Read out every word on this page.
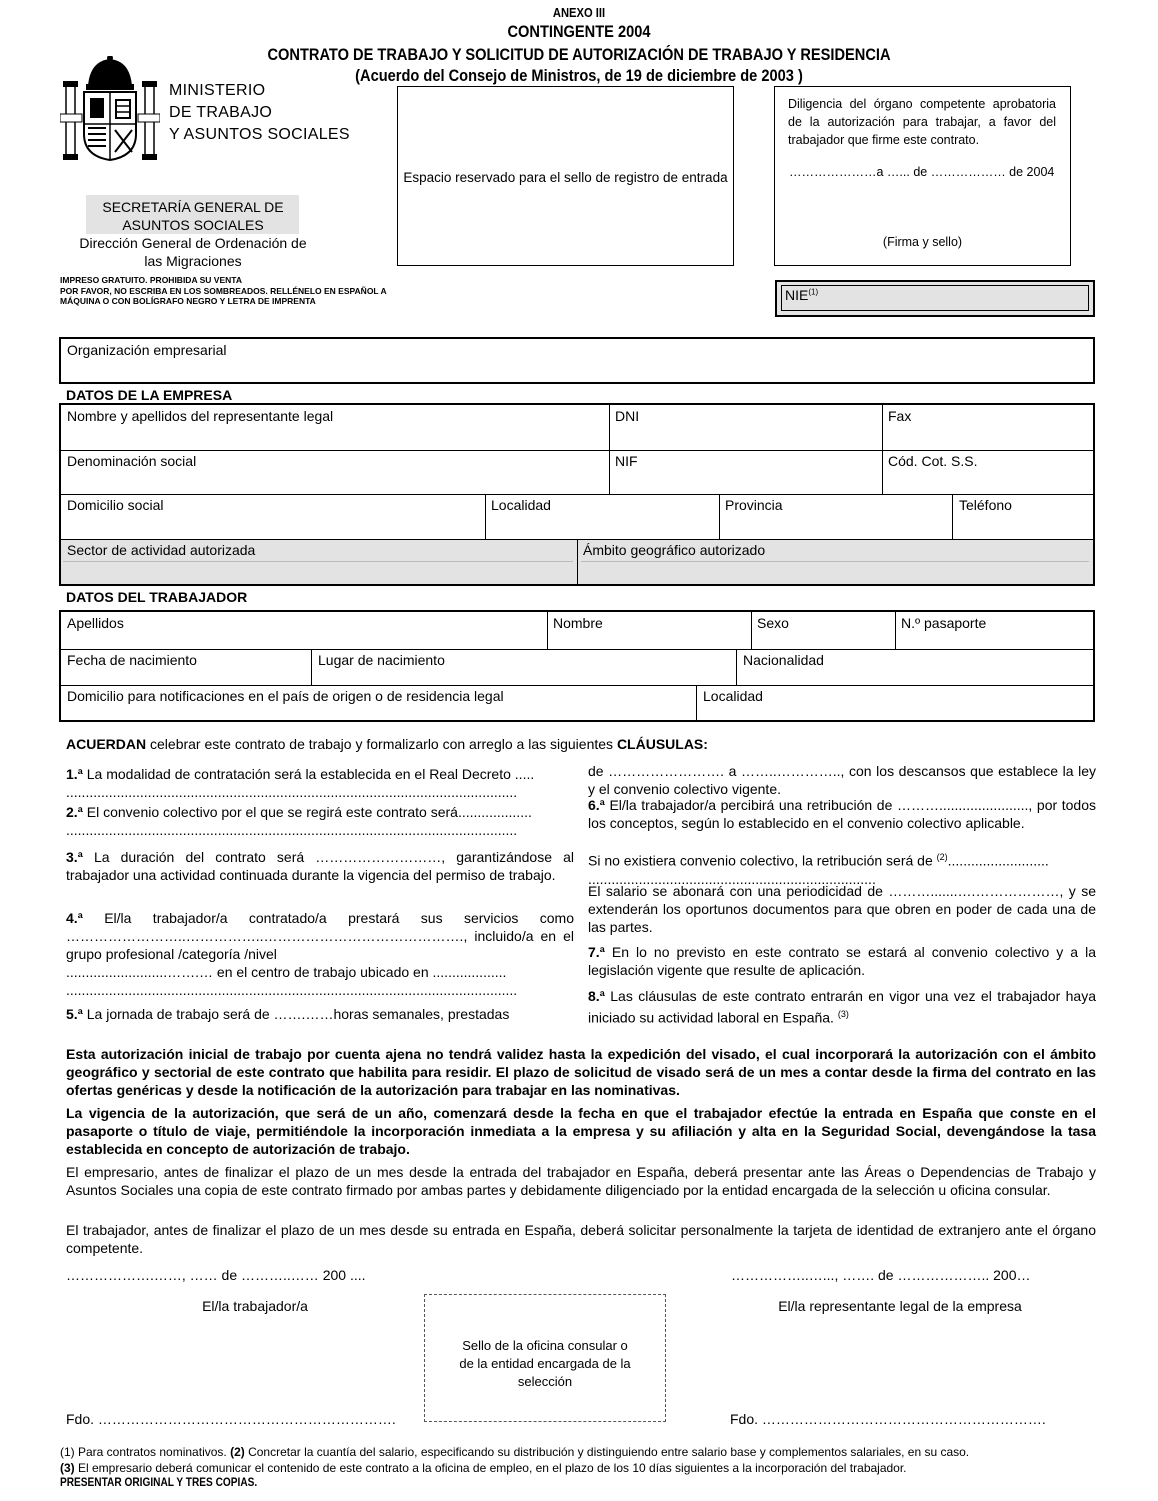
ANEXO III
CONTINGENTE 2004
CONTRATO DE TRABAJO Y SOLICITUD DE AUTORIZACIÓN DE TRABAJO Y RESIDENCIA
(Acuerdo del Consejo de Ministros, de 19 de diciembre de 2003 )
MINISTERIO
DE TRABAJO
Y ASUNTOS SOCIALES
SECRETARÍA GENERAL DE
ASUNTOS SOCIALES
Dirección General de Ordenación de
las Migraciones
IMPRESO GRATUITO. PROHIBIDA SU VENTA
POR FAVOR, NO ESCRIBA EN LOS SOMBREADOS. RELLÉNELO EN ESPAÑOL A
MÁQUINA O CON BOLÍGRAFO NEGRO Y LETRA DE IMPRENTA
Espacio reservado para el sello de registro de entrada
Diligencia del órgano competente aprobatoria de la autorización para trabajar, a favor del trabajador que firme este contrato.
…………………a …... de ……………… de 2004
(Firma y sello)
NIE$^{(1)}$
Organización empresarial
DATOS DE LA EMPRESA
Nombre y apellidos del representante legal	DNI	Fax
Denominación social	NIF	Cód. Cot. S.S.
Domicilio social	Localidad	Provincia	Teléfono
Sector de actividad autorizada	Ámbito geográfico autorizado
DATOS DEL TRABAJADOR
Apellidos	Nombre	Sexo	N.º pasaporte
Fecha de nacimiento	Lugar de nacimiento	Nacionalidad
Domicilio para notificaciones en el país de origen o de residencia legal	Localidad
ACUERDAN celebrar este contrato de trabajo y formalizarlo con arreglo a las siguientes CLÁUSULAS:
1.ª La modalidad de contratación será la establecida en el Real Decreto .....
....................................................................................................................
2.ª El convenio colectivo por el que se regirá este contrato será...................
....................................................................................................................
3.ª La duración del contrato será ………………………, garantizándose al trabajador una actividad continuada durante la vigencia del permiso de trabajo.
4.ª El/la trabajador/a contratado/a prestará sus servicios como ……………………..……………..……………………………………., incluido/a en el grupo profesional /categoría /nivel
..........................…….… en el centro de trabajo ubicado en ...................
....................................................................................................................
5.ª La jornada de trabajo será de …….……horas semanales, prestadas
de ……………………. a ……..………….., con los descansos que establece la ley y el convenio colectivo vigente.
6.ª El/la trabajador/a percibirá una retribución de ………......................., por todos los conceptos, según lo establecido en el convenio colectivo aplicable.
Si no existiera convenio colectivo, la retribución será de $^{(2)}$..........................
..........................................................................
El salario se abonará con una periodicidad de ……….......….………………, y se extenderán los oportunos documentos para que obren en poder de cada una de las partes.
7.ª En lo no previsto en este contrato se estará al convenio colectivo y a la legislación vigente que resulte de aplicación.
8.ª Las cláusulas de este contrato entrarán en vigor una vez el trabajador haya iniciado su actividad laboral en España. $^{(3)}$
Esta autorización inicial de trabajo por cuenta ajena no tendrá validez hasta la expedición del visado, el cual incorporará la autorización con el ámbito geográfico y sectorial de este contrato que habilita para residir. El plazo de solicitud de visado será de un mes a contar desde la firma del contrato en las ofertas genéricas y desde la notificación de la autorización para trabajar en las nominativas.
La vigencia de la autorización, que será de un año, comenzará desde la fecha en que el trabajador efectúe la entrada en España que conste en el pasaporte o título de viaje, permitiéndole la incorporación inmediata a la empresa y su afiliación y alta en la Seguridad Social, devengándose la tasa establecida en concepto de autorización de trabajo.
El empresario, antes de finalizar el plazo de un mes desde la entrada del trabajador en España, deberá presentar ante las Áreas o Dependencias de Trabajo y Asuntos Sociales una copia de este contrato firmado por ambas partes y debidamente diligenciado por la entidad encargada de la selección u oficina consular.
El trabajador, antes de finalizar el plazo de un mes desde su entrada en España, deberá solicitar personalmente la tarjeta de identidad de extranjero ante el órgano competente.
……………….……, …… de ………..…… 200 ....	……………..…..., ……. de ……………….. 200…
El/la trabajador/a	El/la representante legal de la empresa
Sello de la oficina consular o de la entidad encargada de la selección
Fdo. ……………………………………………………….	Fdo. …………………………………………………….
(1) Para contratos nominativos. (2) Concretar la cuantía del salario, especificando su distribución y distinguiendo entre salario base y complementos salariales, en su caso.
(3) El empresario deberá comunicar el contenido de este contrato a la oficina de empleo, en el plazo de los 10 días siguientes a la incorporación del trabajador.
PRESENTAR ORIGINAL Y TRES COPIAS.
